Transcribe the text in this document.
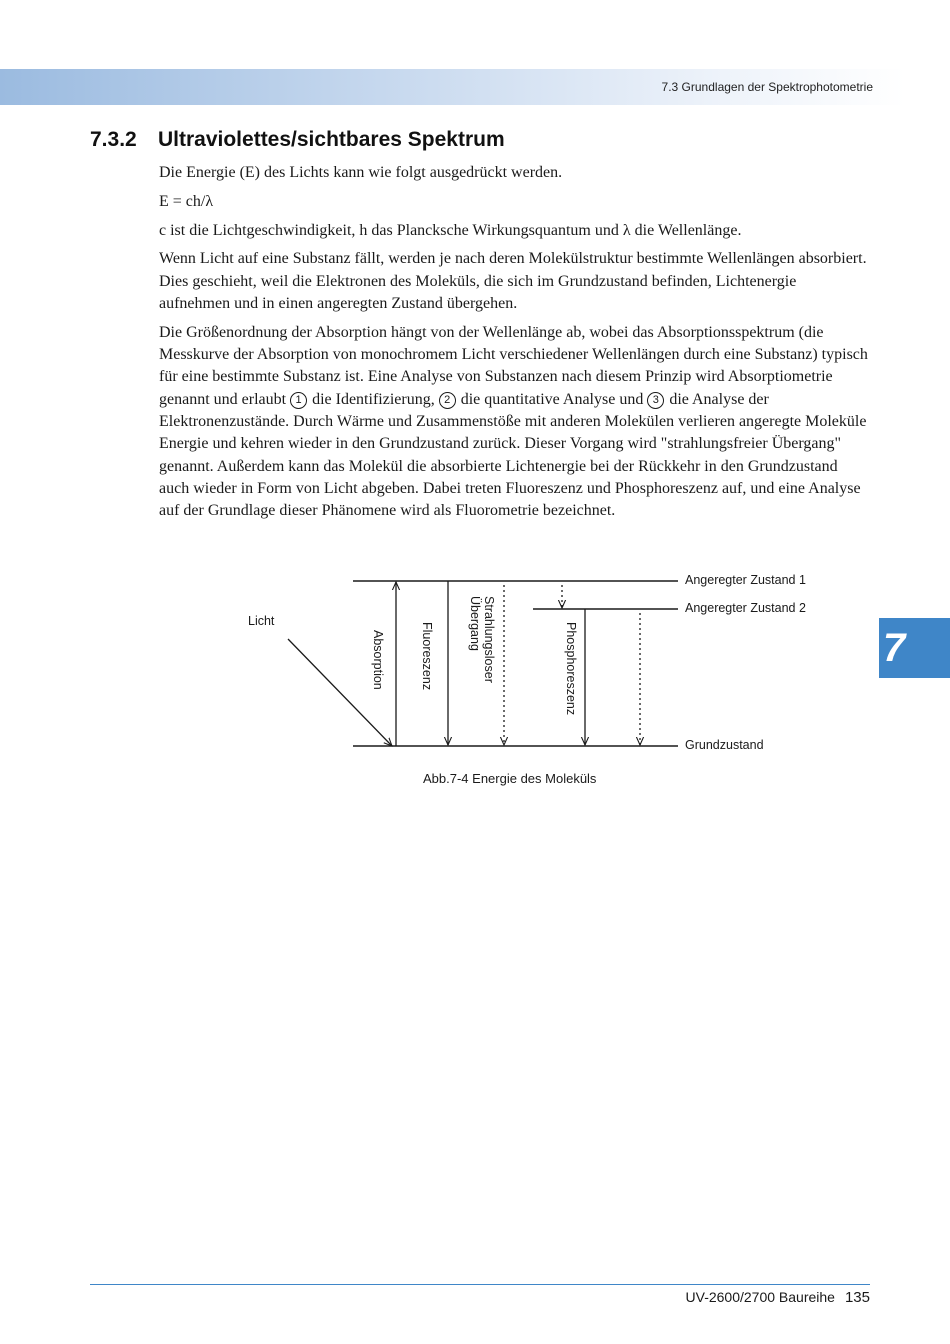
7.3 Grundlagen der Spektrophotometrie
7
7.3.2 Ultraviolettes/sichtbares Spektrum

Die Energie (E) des Lichts kann wie folgt ausgedrückt werden.

E = ch/λ

c ist die Lichtgeschwindigkeit, h das Plancksche Wirkungsquantum und λ die Wellenlänge.

Wenn Licht auf eine Substanz fällt, werden je nach deren Molekülstruktur bestimmte Wellenlängen absorbiert. Dies geschieht, weil die Elektronen des Moleküls, die sich im Grundzustand befinden, Lichtenergie aufnehmen und in einen angeregten Zustand übergehen.

Die Größenordnung der Absorption hängt von der Wellenlänge ab, wobei das Absorptionsspektrum (die Messkurve der Absorption von monochromem Licht verschiedener Wellenlängen durch eine Substanz) typisch für eine bestimmte Substanz ist. Eine Analyse von Substanzen nach diesem Prinzip wird Absorptiometrie genannt und erlaubt 1 die Identifizierung, 2 die quantitative Analyse und 3 die Analyse der Elektronenzustände. Durch Wärme und Zusammenstöße mit anderen Molekülen verlieren angeregte Moleküle Energie und kehren wieder in den Grundzustand zurück. Dieser Vorgang wird "strahlungsfreier Übergang" genannt. Außerdem kann das Molekül die absorbierte Lichtenergie bei der Rückkehr in den Grundzustand auch wieder in Form von Licht abgeben. Dabei treten Fluoreszenz und Phosphoreszenz auf, und eine Analyse auf der Grundlage dieser Phänomene wird als Fluorometrie bezeichnet.

Licht
Angeregter Zustand 1
Angeregter Zustand 2
Grundzustand
Absorption	Fluoreszenz	Strahlungsloser
Übergang	Phosphoreszenz
Abb.7-4 Energie des Moleküls
UV-2600/2700 Baureihe 135
